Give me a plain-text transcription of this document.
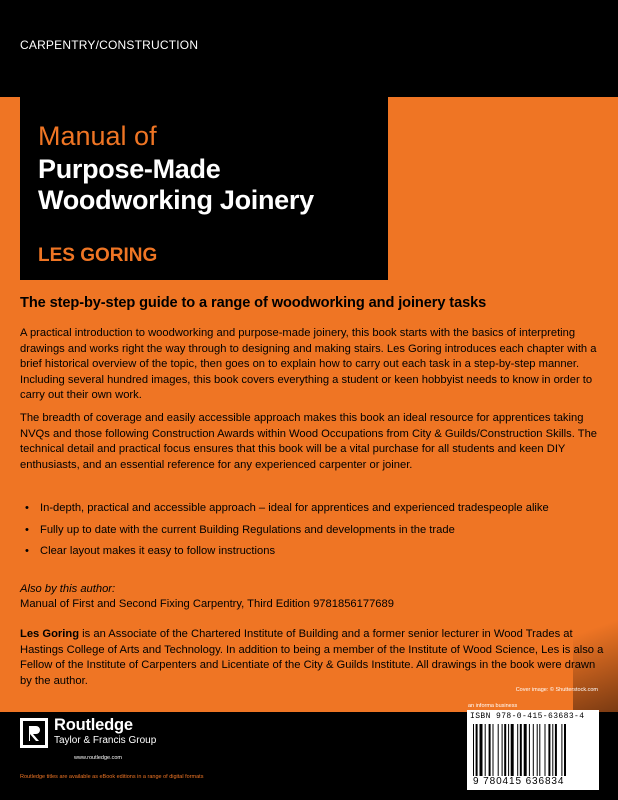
CARPENTRY/CONSTRUCTION
Manual of
Purpose-Made
Woodworking Joinery
LES GORING
The step-by-step guide to a range of woodworking and joinery tasks

A practical introduction to woodworking and purpose-made joinery, this book starts with the basics of interpreting drawings and works right the way through to designing and making stairs. Les Goring introduces each chapter with a brief historical overview of the topic, then goes on to explain how to carry out each task in a step-by-step manner. Including several hundred images, this book covers everything a student or keen hobbyist needs to know in order to carry out their own work.

The breadth of coverage and easily accessible approach makes this book an ideal resource for apprentices taking NVQs and those following Construction Awards within Wood Occupations from City & Guilds/Construction Skills. The technical detail and practical focus ensures that this book will be a vital purchase for all students and keen DIY enthusiasts, and an essential reference for any experienced carpenter or joiner.

• In-depth, practical and accessible approach – ideal for apprentices and experienced tradespeople alike
• Fully up to date with the current Building Regulations and developments in the trade
• Clear layout makes it easy to follow instructions
Also by this author:
Manual of First and Second Fixing Carpentry, Third Edition 9781856177689

Les Goring is an Associate of the Chartered Institute of Building and a former senior lecturer in Wood Trades at Hastings College of Arts and Technology. In addition to being a member of the Institute of Wood Science, Les is also a Fellow of the Institute of Carpenters and Licentiate of the City & Guilds Institute. All drawings in the book were drawn by the author.

Cover image: © Shutterstock.com
an informa business
Routledge
Taylor & Francis Group
www.routledge.com
Routledge titles are available as eBook editions in a range of digital formats
ISBN 978-0-415-63683-4
9 780415 636834
